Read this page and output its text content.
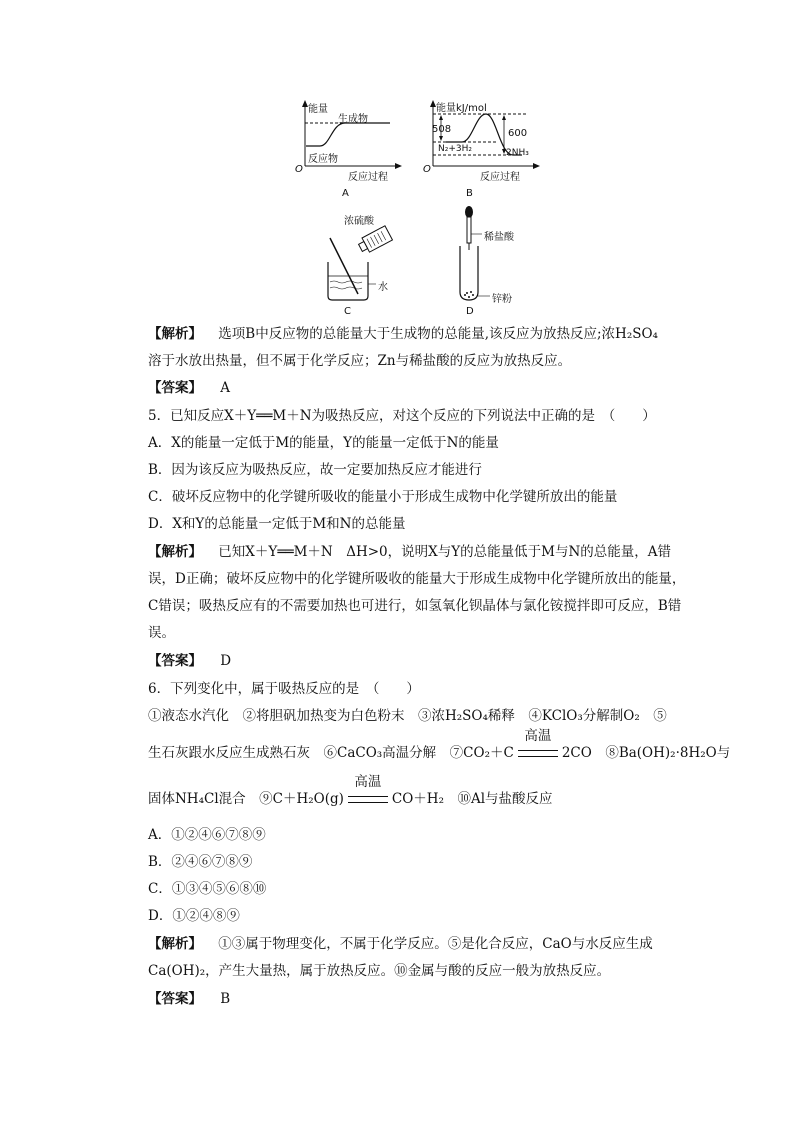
能量
生成物
反应物
O
反应过程
A
能量kJ/mol
508	600
N₂+3H₂	2NH₃
O
反应过程
B
浓硫酸
水
C
稀盐酸
锌粉
D
【解析】 选项B中反应物的总能量大于生成物的总能量,该反应为放热反应;浓H₂SO₄
溶于水放出热量，但不属于化学反应；Zn与稀盐酸的反应为放热反应。
【答案】 A
5．已知反应X＋Y══M＋N为吸热反应，对这个反应的下列说法中正确的是　（　　）
A．X的能量一定低于M的能量，Y的能量一定低于N的能量
B．因为该反应为吸热反应，故一定要加热反应才能进行
C．破坏反应物中的化学键所吸收的能量小于形成生成物中化学键所放出的能量
D．X和Y的总能量一定低于M和N的总能量
【解析】 已知X＋Y══M＋N　ΔH>0，说明X与Y的总能量低于M与N的总能量，A错
误，D正确；破坏反应物中的化学键所吸收的能量大于形成生成物中化学键所放出的能量，
C错误；吸热反应有的不需要加热也可进行，如氢氧化钡晶体与氯化铵搅拌即可反应，B错
误。
【答案】 D
6．下列变化中，属于吸热反应的是　（　　）
①液态水汽化　②将胆矾加热变为白色粉末　③浓H₂SO₄稀释　④KClO₃分解制O₂　⑤
生石灰跟水反应生成熟石灰　⑥CaCO₃高温分解　⑦CO₂＋C
高温
2CO　⑧Ba(OH)₂·8H₂O与
固体NH₄Cl混合　⑨C＋H₂O(g)
高温
CO＋H₂　⑩Al与盐酸反应
A．①②④⑥⑦⑧⑨
B．②④⑥⑦⑧⑨
C．①③④⑤⑥⑧⑩
D．①②④⑧⑨
【解析】 ①③属于物理变化，不属于化学反应。⑤是化合反应，CaO与水反应生成
Ca(OH)₂，产生大量热，属于放热反应。⑩金属与酸的反应一般为放热反应。
【答案】 B
